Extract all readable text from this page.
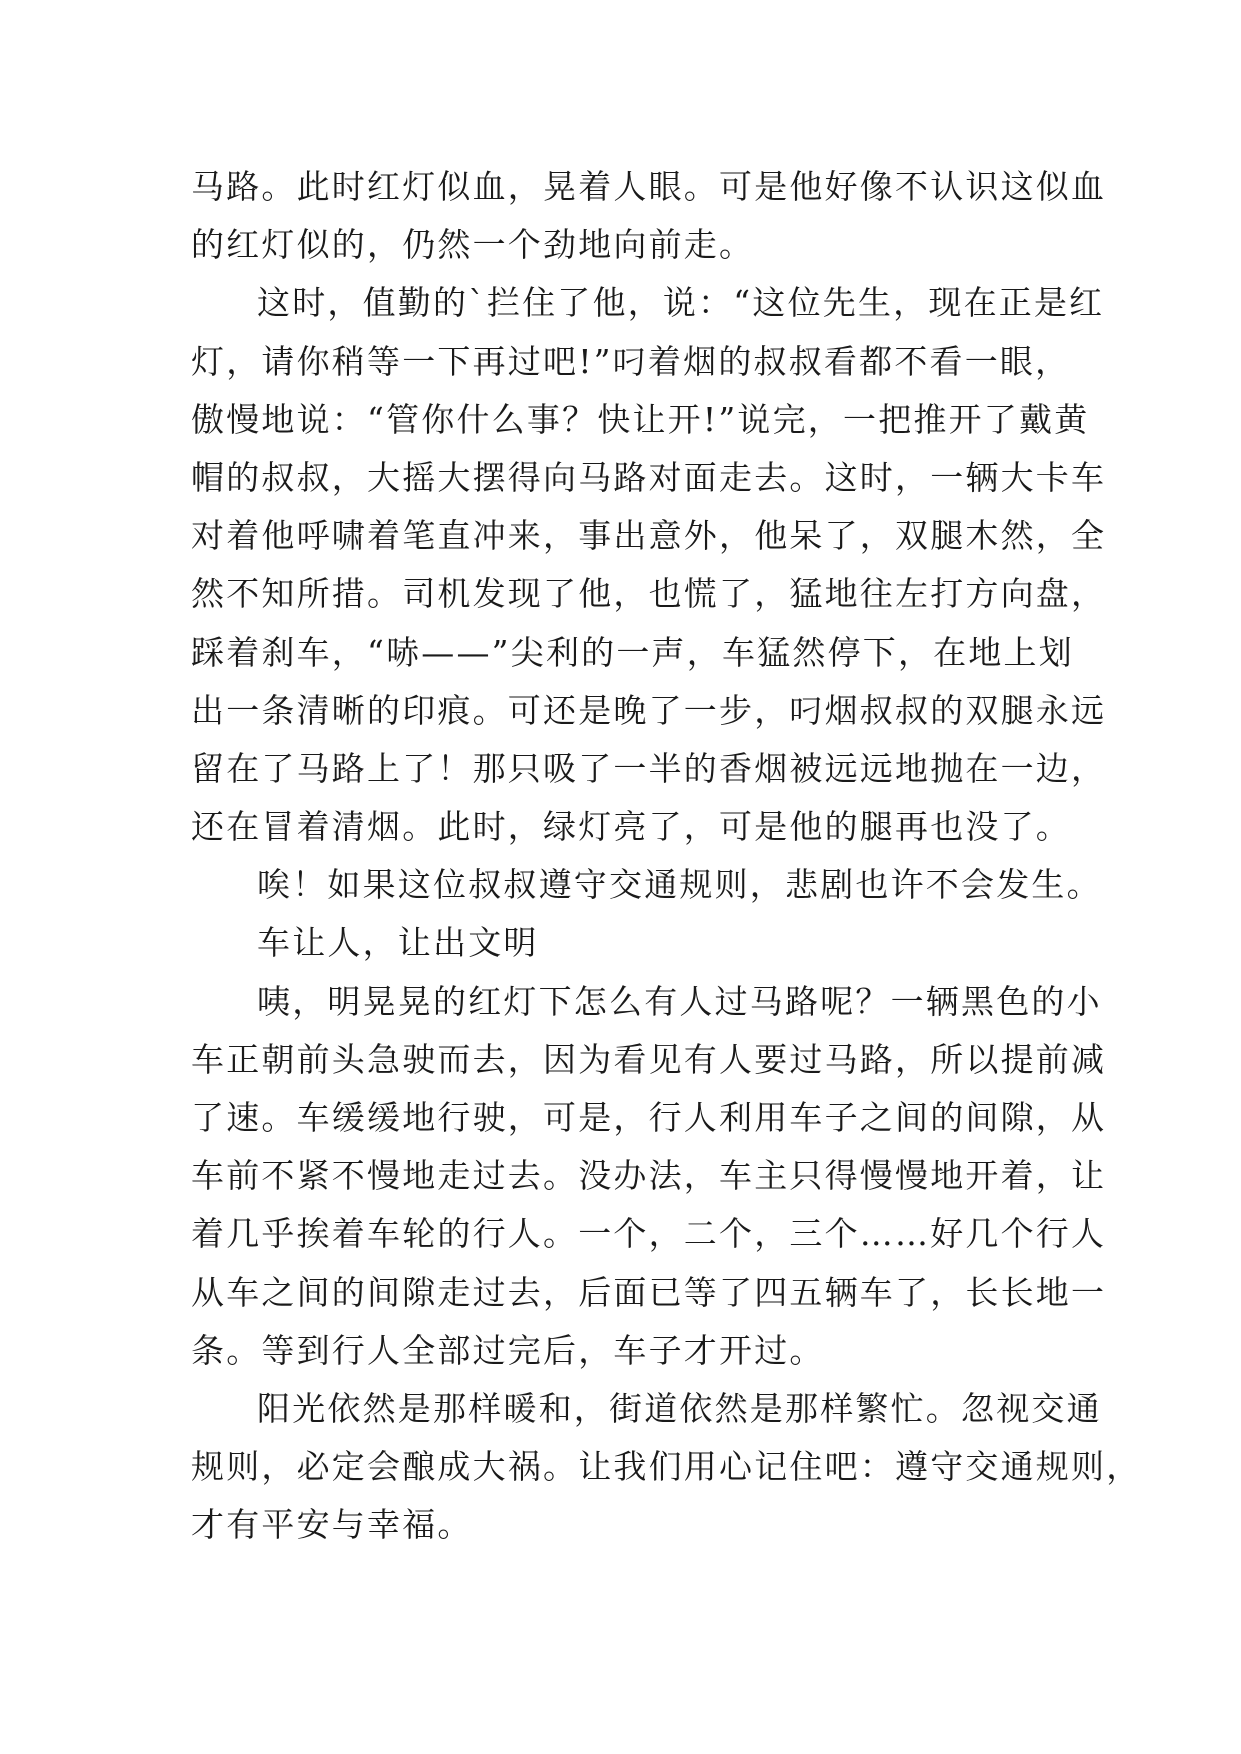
马路。此时红灯似血，晃着人眼。可是他好像不认识这似血
的红灯似的，仍然一个劲地向前走。
这时，值勤的`拦住了他，说：“这位先生，现在正是红
灯，请你稍等一下再过吧!”叼着烟的叔叔看都不看一眼，
傲慢地说：“管你什么事？快让开!”说完，一把推开了戴黄
帽的叔叔，大摇大摆得向马路对面走去。这时，一辆大卡车
对着他呼啸着笔直冲来，事出意外，他呆了，双腿木然，全
然不知所措。司机发现了他，也慌了，猛地往左打方向盘，
踩着刹车，“哧——”尖利的一声，车猛然停下，在地上划
出一条清晰的印痕。可还是晚了一步，叼烟叔叔的双腿永远
留在了马路上了！那只吸了一半的香烟被远远地抛在一边，
还在冒着清烟。此时，绿灯亮了，可是他的腿再也没了。
唉！如果这位叔叔遵守交通规则，悲剧也许不会发生。
车让人，让出文明
咦，明晃晃的红灯下怎么有人过马路呢？一辆黑色的小
车正朝前头急驶而去，因为看见有人要过马路，所以提前减
了速。车缓缓地行驶，可是，行人利用车子之间的间隙，从
车前不紧不慢地走过去。没办法，车主只得慢慢地开着，让
着几乎挨着车轮的行人。一个，二个，三个……好几个行人
从车之间的间隙走过去，后面已等了四五辆车了，长长地一
条。等到行人全部过完后，车子才开过。
阳光依然是那样暖和，街道依然是那样繁忙。忽视交通
规则，必定会酿成大祸。让我们用心记住吧：遵守交通规则，
才有平安与幸福。
